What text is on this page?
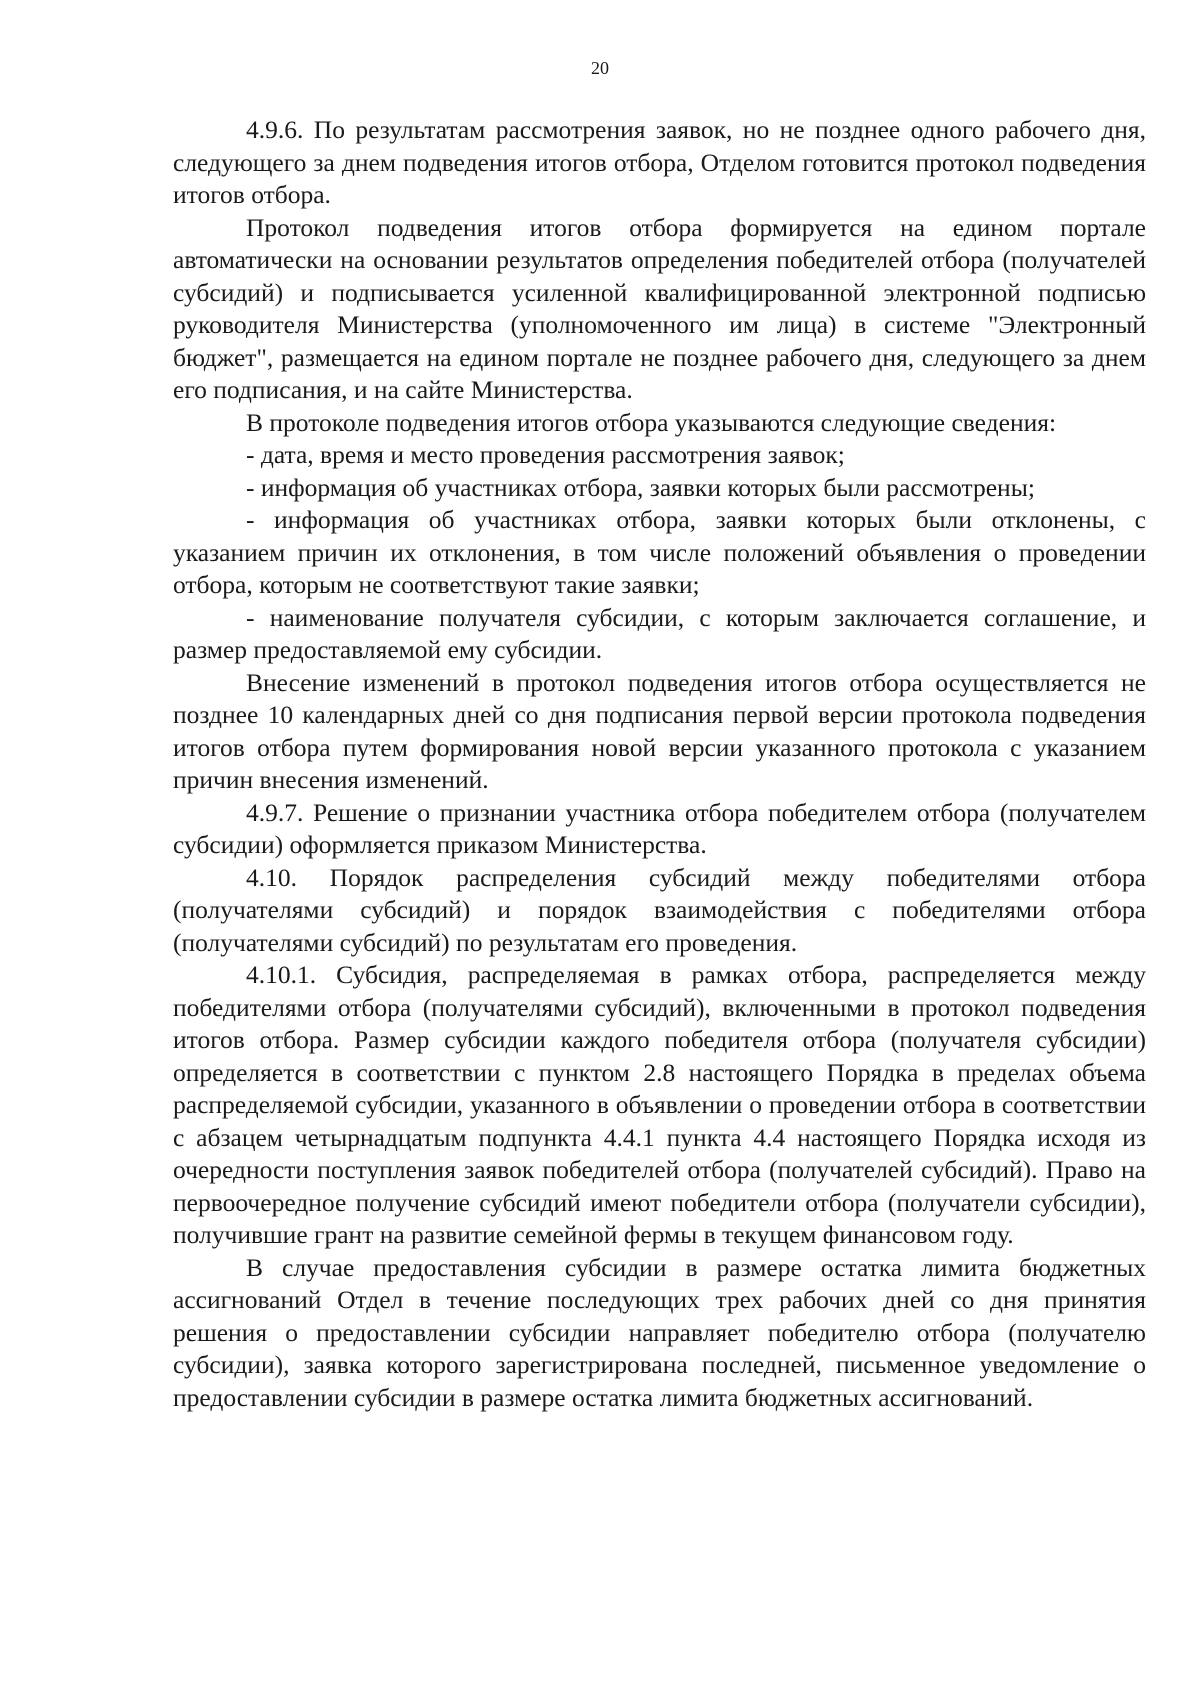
20

4.9.6. По результатам рассмотрения заявок, но не позднее одного рабочего дня, следующего за днем подведения итогов отбора, Отделом готовится протокол подведения итогов отбора.

Протокол подведения итогов отбора формируется на едином портале автоматически на основании результатов определения победителей отбора (получателей субсидий) и подписывается усиленной квалифицированной электронной подписью руководителя Министерства (уполномоченного им лица) в системе "Электронный бюджет", размещается на едином портале не позднее рабочего дня, следующего за днем его подписания, и на сайте Министерства.

В протоколе подведения итогов отбора указываются следующие сведения:

- дата, время и место проведения рассмотрения заявок;

- информация об участниках отбора, заявки которых были рассмотрены;

- информация об участниках отбора, заявки которых были отклонены, с указанием причин их отклонения, в том числе положений объявления о проведении отбора, которым не соответствуют такие заявки;

- наименование получателя субсидии, с которым заключается соглашение, и размер предоставляемой ему субсидии.

Внесение изменений в протокол подведения итогов отбора осуществляется не позднее 10 календарных дней со дня подписания первой версии протокола подведения итогов отбора путем формирования новой версии указанного протокола с указанием причин внесения изменений.

4.9.7. Решение о признании участника отбора победителем отбора (получателем субсидии) оформляется приказом Министерства.

4.10. Порядок распределения субсидий между победителями отбора (получателями субсидий) и порядок взаимодействия с победителями отбора (получателями субсидий) по результатам его проведения.

4.10.1. Субсидия, распределяемая в рамках отбора, распределяется между победителями отбора (получателями субсидий), включенными в протокол подведения итогов отбора. Размер субсидии каждого победителя отбора (получателя субсидии) определяется в соответствии с пунктом 2.8 настоящего Порядка в пределах объема распределяемой субсидии, указанного в объявлении о проведении отбора в соответствии с абзацем четырнадцатым подпункта 4.4.1 пункта 4.4 настоящего Порядка исходя из очередности поступления заявок победителей отбора (получателей субсидий). Право на первоочередное получение субсидий имеют победители отбора (получатели субсидии), получившие грант на развитие семейной фермы в текущем финансовом году.

В случае предоставления субсидии в размере остатка лимита бюджетных ассигнований Отдел в течение последующих трех рабочих дней со дня принятия решения о предоставлении субсидии направляет победителю отбора (получателю субсидии), заявка которого зарегистрирована последней, письменное уведомление о предоставлении субсидии в размере остатка лимита бюджетных ассигнований.
